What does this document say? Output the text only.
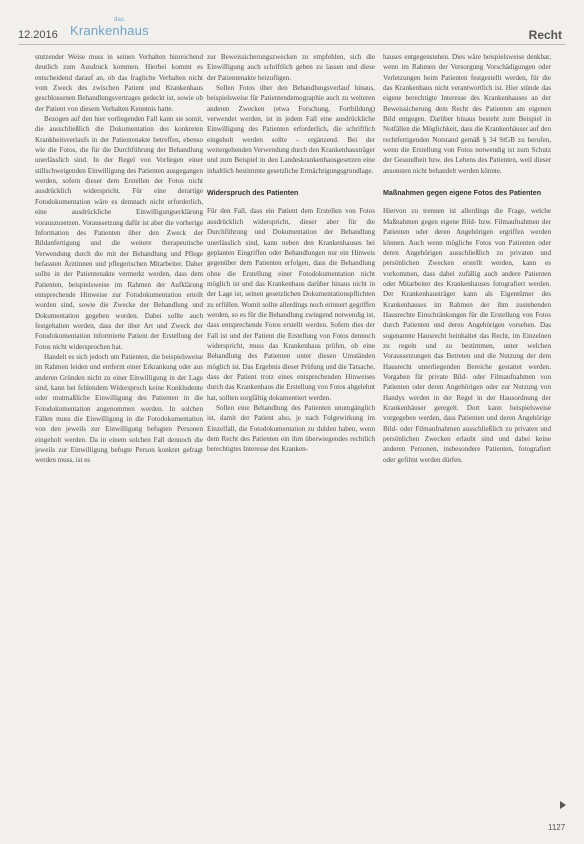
12.2016 Krankenhaus
das
Recht

stutzender Weise muss in seinen Verhalten hinreichend deutlich zum Ausdruck kommen. Hierbei kommt es entscheidend darauf an, ob das fragliche Verhalten nicht vom Zweck des zwischen Patient und Krankenhaus geschlossenen Behandlungsvertrages gedeckt ist, sowie ob der Patient von diesem Verhalten Kenntnis hatte.

Bezogen auf den hier vorliegenden Fall kann sie somit, die ausschließlich die Dokumentation des konkreten Krankheitsverlaufs in der Patientenakte betreffen, ebenso wie die Fotos, die für die Durchführung der Behandlung unerlässlich sind. In der Regel von Vorliegen einer stillschweigenden Einwilligung des Patienten ausgegangen werden, sofern dieser dem Erstellen der Fotos nicht ausdrücklich widerspricht. Für eine derartige Fotodokumentation wäre es demnach nicht erforderlich, eine ausdrückliche Einwilligungserklärung vorauszusetzen. Voraussetzung dafür ist aber die vorherige Information des Patienten über den Zweck der Bildanfertigung und die weitere therapeutische Verwendung durch die mit der Behandlung und Pflege befassten Ärztinnen und pflegerischen Mitarbeiter. Daher sollte in der Patientenakte vermerkt werden, dass dem Patienten, beispielsweise im Rahmen der Aufklärung entsprechende Hinweise zur Fotodokumentation erteilt worden sind, sowie die Zwecke der Behandlung und Dokumentation gegeben worden. Dabei sollte auch festgehalten werden, dass der über Art und Zweck der Fotodokumentation informierte Patient der Erstellung der Fotos nicht widersprochen hat.

Handelt es sich jedoch um Patienten, die beispielsweise im Rahmen leiden und entfernt einer Erkrankung oder aus anderen Gründen nicht zu einer Einwilligung in der Lage sind, kann bei fehlendem Widerspruch keine Konkludente oder mutmaßliche Einwilligung des Patienten in die Fotodokumentation angenommen werden. In solchen Fällen muss die Einwilligung in die Fotodokumentation von den jeweils zur Einwilligung befugten Personen eingeholt werden. Da in einem solchen Fall dennoch die jeweils zur Einwilligung befugte Person konkret gefragt werden muss, ist es

zur Beweissicherungszwecken zu empfehlen, sich die Einwilligung auch schriftlich geben zu lassen und diese der Patientenakte beizufügen.

Sollen Fotos über den Behandlungsverlauf hinaus, beispielsweise für Patientendemographie auch zu weiteren anderen Zwecken (etwa Forschung, Fortbildung) verwendet werden, ist in jedem Fall eine ausdrückliche Einwilligung des Patienten erforderlich, die schriftlich eingeholt werden sollte – ergänzend. Bei der weitergehenden Verwendung durch den Krankenhausträger und zum Beispiel in den Landeskrankenhausgesetzen eine inhaltlich bestimmte gesetzliche Ermächtigungsgrundlage.

Widerspruch des Patienten

Für den Fall, dass ein Patient dem Erstellen von Fotos ausdrücklich widerspricht, dieser aber für die Durchführung und Dokumentation der Behandlung unerlässlich sind, kann neben den Krankenhauses bei geplanten Eingriffen oder Behandlungen nur ein Hinweis gegenüber dem Patienten erfolgen, dass die Behandlung ohne die Erstellung einer Fotodokumentation nicht möglich ist und das Krankenhaus darüber hinaus nicht in der Lage ist, seinen gesetzlichen Dokumentationspflichten zu erfüllen. Womit sollte allerdings noch erinnert gegriffen werden, so es für die Behandlung zwingend notwendig ist, dass entsprechende Fotos erstellt werden. Sofern dies der Fall ist und der Patient die Erstellung von Fotos dennoch widerspricht, muss das Krankenhaus prüfen, ob eine Behandlung des Patienten unter diesen Umständen möglich ist. Das Ergebnis dieser Prüfung und die Tatsache, dass der Patient trotz eines entsprechenden Hinweises durch das Krankenhaus die Erstellung von Fotos abgelehnt hat, sollten sorgfältig dokumentiert werden.

Sollen eine Behandlung des Patienten unumgänglich ist, damit der Patient also, je nach Folgewirkung im Einzelfall, die Fotodokumentation zu dulden haben, wenn dem Recht des Patienten ein ihm überwiegendes rechtlich berechtigtes Interesse des Kranken-

hauses entgegenstehen. Dies wäre beispielsweise denkbar, wenn im Rahmen der Versorgung Vorschädigungen oder Verletzungen beim Patienten festgestellt werden, für die das Krankenhaus nicht verantwortlich ist. Hier stünde das eigene berechtigte Interesse des Krankenhauses an der Beweissicherung dem Recht des Patienten am eigenen Bild entgegen. Darüber hinaus besteht zum Beispiel in Notfällen die Möglichkeit, dass die Krankenhäuser auf den rechtfertigenden Notstand gemäß § 34 StGB zu berufen, wenn die Erstellung von Fotos notwendig ist zum Schutz der Gesundheit bzw. des Lebens des Patienten, weil dieser ansonsten nicht behandelt werden könnte.

Maßnahmen gegen eigene Fotos des Patienten

Hiervon zu trennen ist allerdings die Frage, welche Maßnahmen gegen eigene Bild- bzw. Filmaufnahmen der Patienten oder deren Angehörigen ergriffen werden können. Auch wenn mögliche Fotos von Patienten oder deren Angehörigen ausschließlich zu privaten und persönlichen Zwecken erstellt werden, kann es vorkommen, dass dabei zufällig auch andere Patienten oder Mitarbeiter des Krankenhauses fotografiert werden. Der Krankenhausträger kann als Eigentümer des Krankenhauses im Rahmen der ihm zustehenden Hausrechte Einschränkungen für die Erstellung von Fotos durch Patienten und deren Angehörigen vorsehen. Das sogenannte Hausrecht beinhaltet das Recht, im Einzelnen zu regeln und zu bestimmen, unter welchen Voraussetzungen das Betreten und die Nutzung der dem Hausrecht unterliegenden Bereiche gestattet werden. Vorgaben für private Bild- oder Filmaufnahmen von Patienten oder deren Angehörigen oder zur Nutzung von Handys werden in der Regel in der Hausordnung der Krankenhäuser geregelt. Dort kann beispielsweise vorgegeben werden, dass Patienten und deren Angehörige Bild- oder Filmaufnahmen ausschließlich zu privaten und persönlichen Zwecken erlaubt sind und dabei keine anderen Personen, insbesondere Patienten, fotografiert oder gefilmt werden dürfen.

1127
